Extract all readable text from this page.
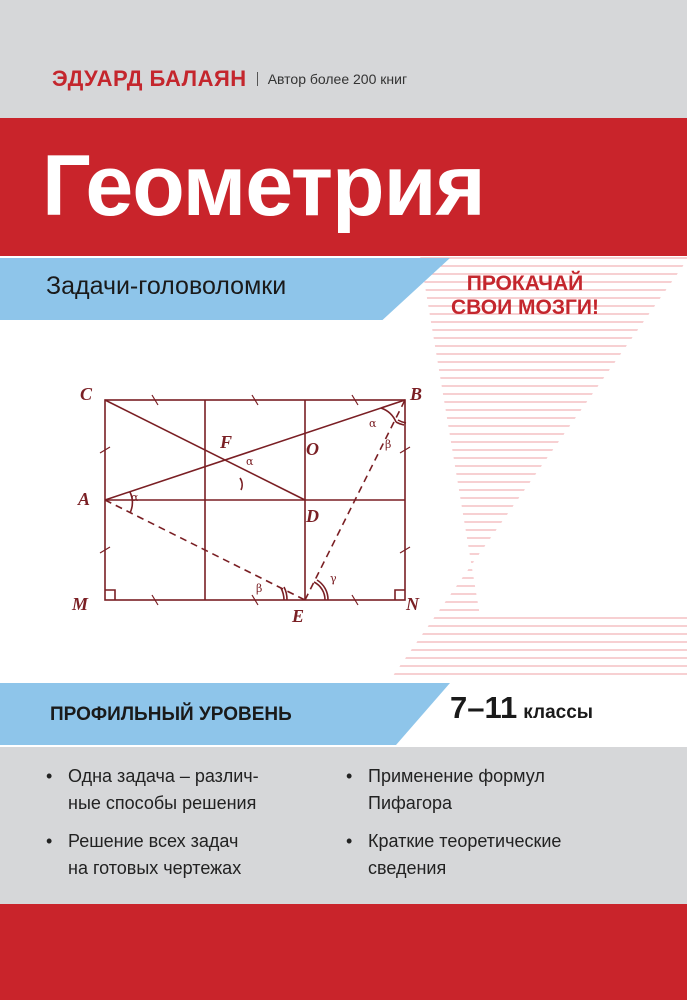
ЭДУАРД БАЛАЯН Автор более 200 книг
Геометрия
Задачи-головоломки	ПРОКАЧАЙ
СВОИ МОЗГИ!
C	B
A
F	O
D
M
E
N
α
α
β
γ
α
β
ПРОФИЛЬНЫЙ УРОВЕНЬ	7–11 классы
• Одна задача – различ-
ные способы решения
• Применение формул
Пифагора
• Решение всех задач
на готовых чертежах
• Краткие теоретические
сведения
